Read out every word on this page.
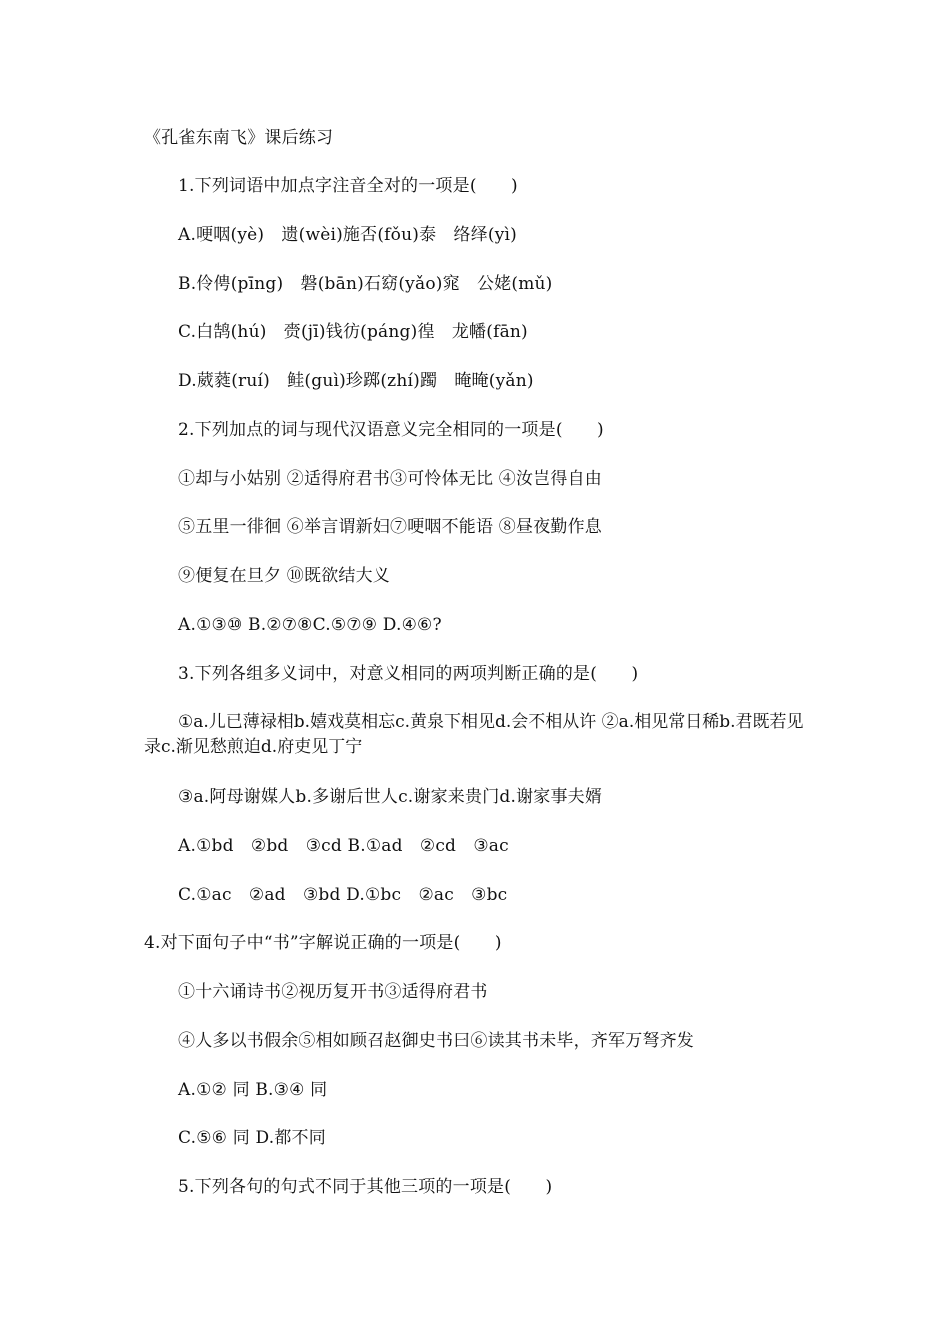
《孔雀东南飞》课后练习
1.下列词语中加点字注音全对的一项是(　　)
A.哽咽(yè)　遗(wèi)施否(fǒu)泰　络绎(yì)
B.伶俜(pīng)　磐(bān)石窈(yǎo)窕　公姥(mǔ)
C.白鹄(hú)　赍(jī)钱彷(páng)徨　龙幡(fān)
D.葳蕤(ruí)　鲑(guì)珍踯(zhí)躅　晻晻(yǎn)
2.下列加点的词与现代汉语意义完全相同的一项是(　　)
①却与小姑别 ②适得府君书③可怜体无比 ④汝岂得自由
⑤五里一徘徊 ⑥举言谓新妇⑦哽咽不能语 ⑧昼夜勤作息
⑨便复在旦夕 ⑩既欲结大义
A.①③⑩ B.②⑦⑧C.⑤⑦⑨ D.④⑥?
3.下列各组多义词中，对意义相同的两项判断正确的是(　　)
①a.儿已薄禄相b.嬉戏莫相忘c.黄泉下相见d.会不相从许 ②a.相见常日稀b.君既若见录c.渐见愁煎迫d.府吏见丁宁
③a.阿母谢媒人b.多谢后世人c.谢家来贵门d.谢家事夫婿
A.①bd　②bd　③cd B.①ad　②cd　③ac
C.①ac　②ad　③bd D.①bc　②ac　③bc
4.对下面句子中“书”字解说正确的一项是(　　)
①十六诵诗书②视历复开书③适得府君书
④人多以书假余⑤相如顾召赵御史书曰⑥读其书未毕，齐军万弩齐发
A.①② 同 B.③④ 同
C.⑤⑥ 同 D.都不同
5.下列各句的句式不同于其他三项的一项是(　　)
